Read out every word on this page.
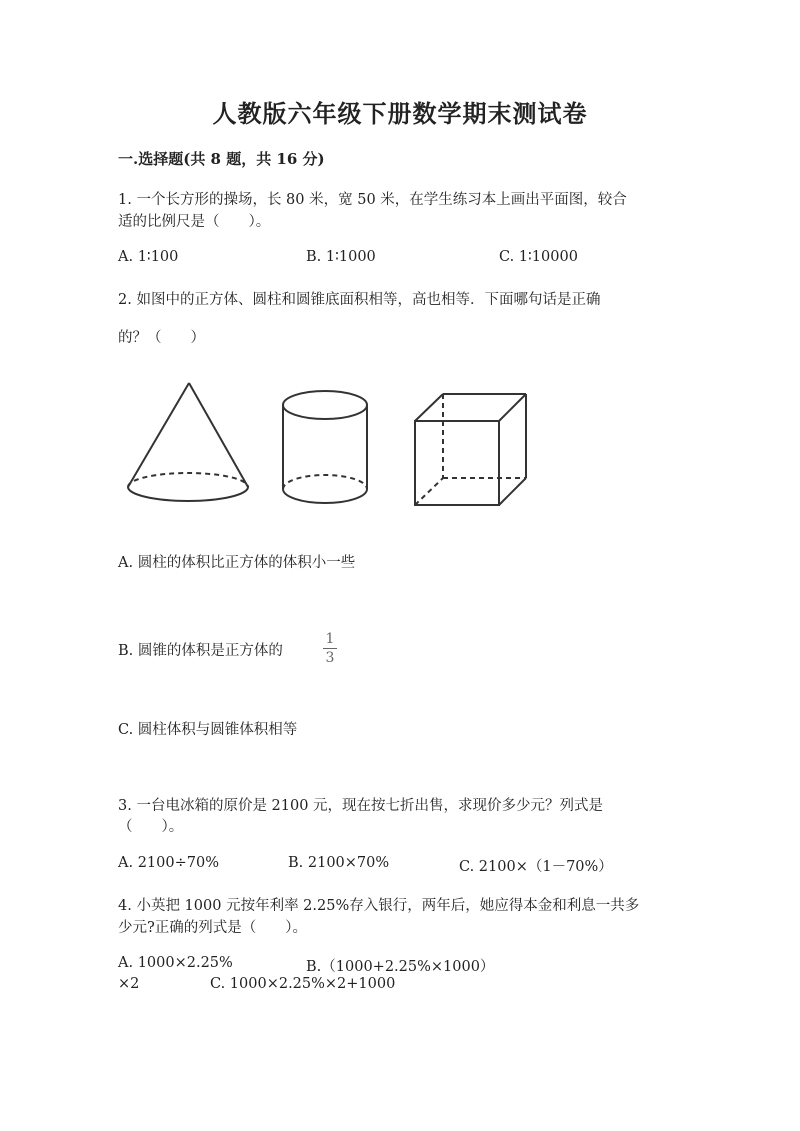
人教版六年级下册数学期末测试卷
一.选择题(共 8 题，共 16 分)
1. 一个长方形的操场，长 80 米，宽 50 米，在学生练习本上画出平面图，较合
适的比例尺是（　　）。
A. 1∶100	B. 1∶1000	C. 1∶10000
2. 如图中的正方体、圆柱和圆锥底面积相等，高也相等．下面哪句话是正确
的？（　　）
A. 圆柱的体积比正方体的体积小一些
B. 圆锥的体积是正方体的
1
3
C. 圆柱体积与圆锥体积相等
3. 一台电冰箱的原价是 2100 元，现在按七折出售，求现价多少元？列式是
（　　）。
A. 2100÷70%	B. 2100×70%	C. 2100×（1－70%）
4. 小英把 1000 元按年利率 2.25%存入银行，两年后，她应得本金和利息一共多
少元?正确的列式是（　　）。
A. 1000×2.25%	B.（1000+2.25%×1000）
×2	C. 1000×2.25%×2+1000
